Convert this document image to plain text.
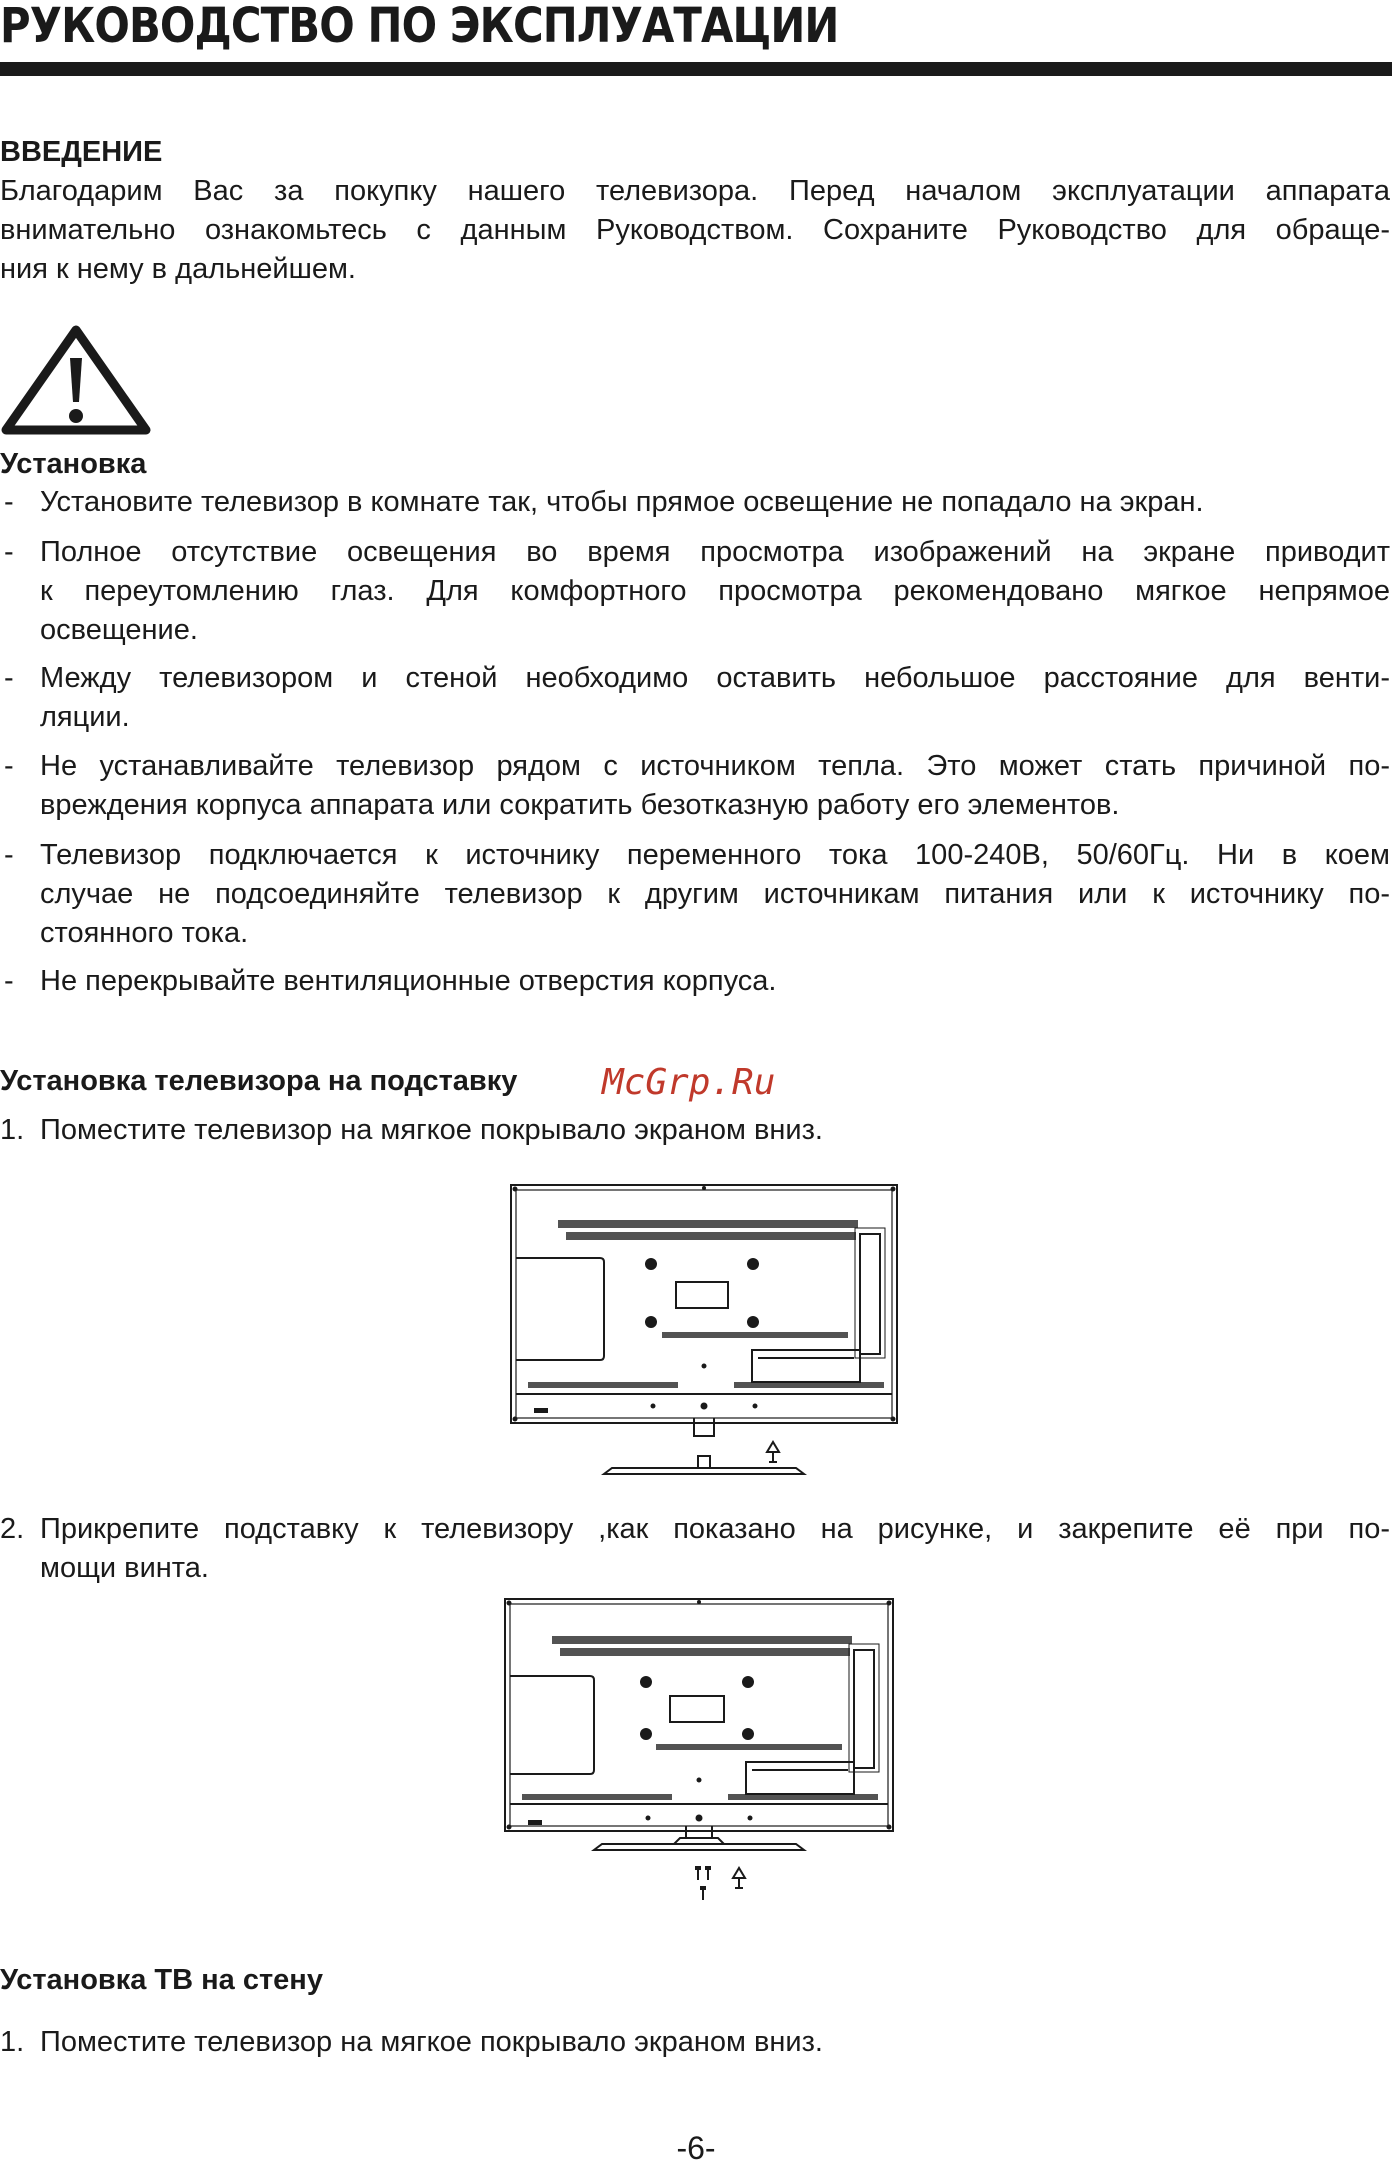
РУКОВОДСТВО ПО ЭКСПЛУАТАЦИИ
ВВЕДЕНИЕ
Благодарим Вас за покупку нашего телевизора. Перед началом эксплуатации аппарата
внимательно ознакомьтесь с данным Руководством. Сохраните Руководство для обраще-
ния к нему в дальнейшем.
Установка
- Установите телевизор в комнате так, чтобы прямое освещение не попадало на экран.
- Полное отсутствие освещения во время просмотра изображений на экране приводит
к переутомлению глаз. Для комфортного просмотра рекомендовано мягкое непрямое
освещение.
- Между телевизором и стеной необходимо оставить небольшое расстояние для венти-
ляции.
- Не устанавливайте телевизор рядом с источником тепла. Это может стать причиной по-
вреждения корпуса аппарата или сократить безотказную работу его элементов.
- Телевизор подключается к источнику переменного тока 100-240В, 50/60Гц. Ни в коем
случае не подсоединяйте телевизор к другим источникам питания или к источнику по-
стоянного тока.
- Не перекрывайте вентиляционные отверстия корпуса.
Установка телевизора на подставку McGrp.Ru
1. Поместите телевизор на мягкое покрывало экраном вниз.
2. Прикрепите подставку к телевизору ,как показано на рисунке, и закрепите её при по-
мощи винта.
Установка ТВ на стену
1. Поместите телевизор на мягкое покрывало экраном вниз.
-6-
